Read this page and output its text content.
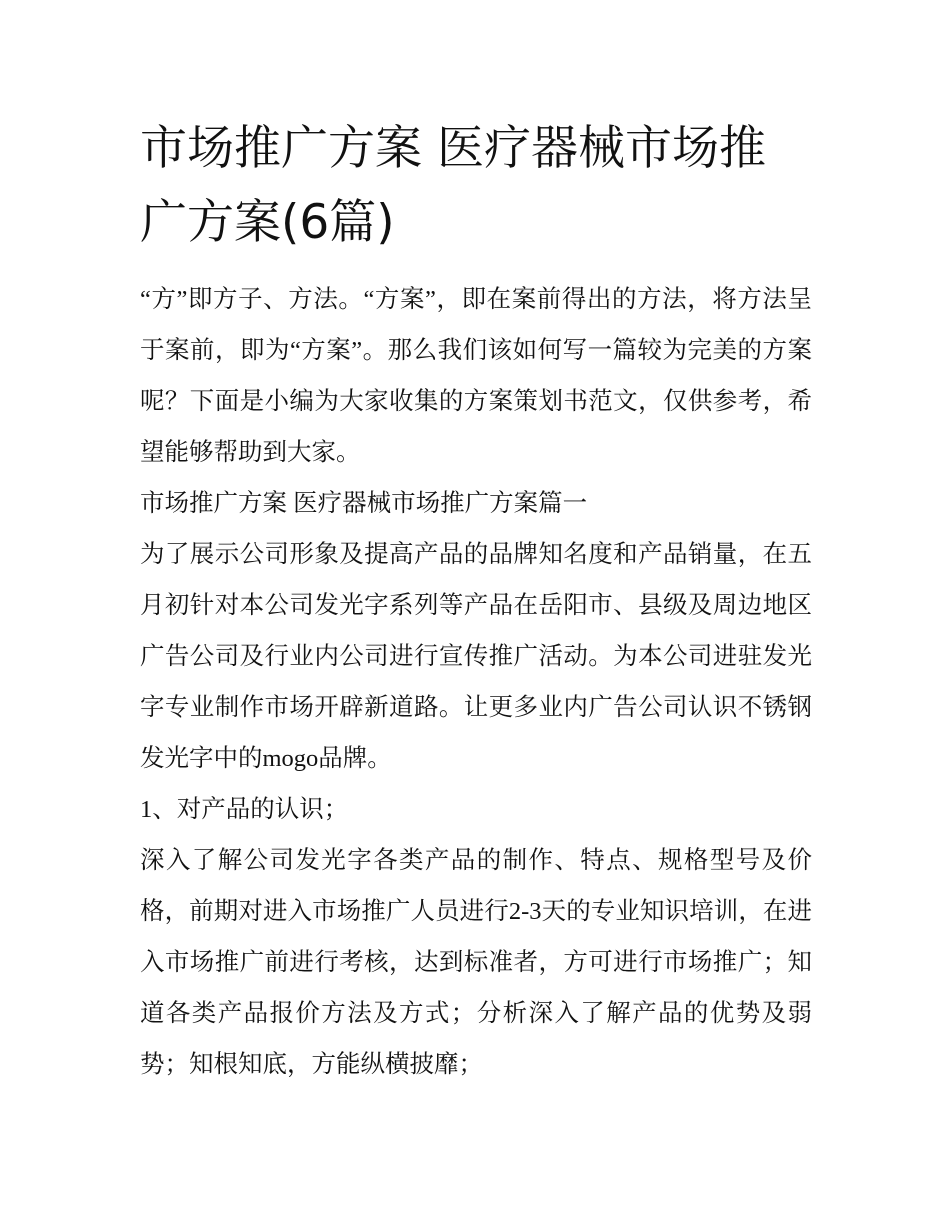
市场推广方案 医疗器械市场推广方案(6篇)

“方”即方子、方法。“方案”，即在案前得出的方法，将方法呈于案前，即为“方案”。那么我们该如何写一篇较为完美的方案呢？下面是小编为大家收集的方案策划书范文，仅供参考，希望能够帮助到大家。

市场推广方案 医疗器械市场推广方案篇一

为了展示公司形象及提高产品的品牌知名度和产品销量，在五月初针对本公司发光字系列等产品在岳阳市、县级及周边地区广告公司及行业内公司进行宣传推广活动。为本公司进驻发光字专业制作市场开辟新道路。让更多业内广告公司认识不锈钢发光字中的mogo品牌。

1、对产品的认识；

深入了解公司发光字各类产品的制作、特点、规格型号及价格，前期对进入市场推广人员进行2-3天的专业知识培训，在进入市场推广前进行考核，达到标准者，方可进行市场推广；知道各类产品报价方法及方式；分析深入了解产品的优势及弱势；知根知底，方能纵横披靡；
